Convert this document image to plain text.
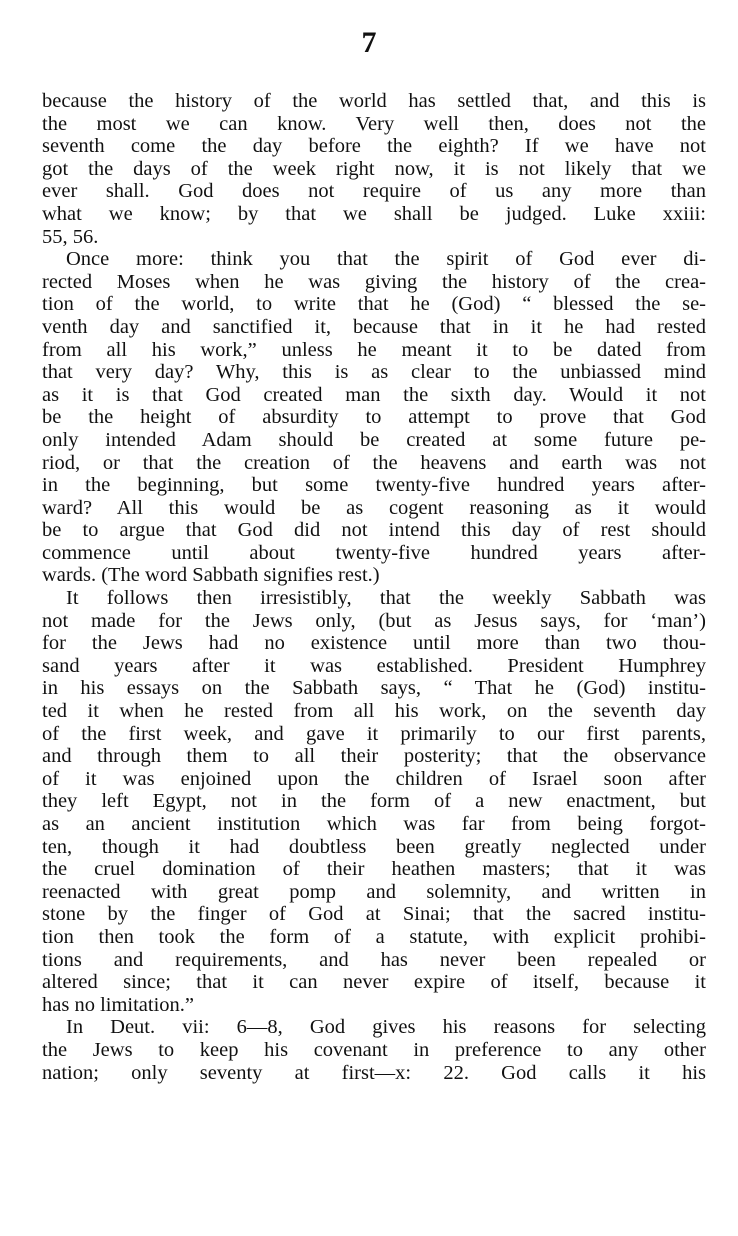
7
because the history of the world has settled that, and this is
the most we can know. Very well then, does not the
seventh come the day before the eighth? If we have not
got the days of the week right now, it is not likely that we
ever shall. God does not require of us any more than
what we know; by that we shall be judged. Luke xxiii:
55, 56.
Once more: think you that the spirit of God ever di-
rected Moses when he was giving the history of the crea-
tion of the world, to write that he (God) “ blessed the se-
venth day and sanctified it, because that in it he had rested
from all his work,” unless he meant it to be dated from
that very day? Why, this is as clear to the unbiassed mind
as it is that God created man the sixth day. Would it not
be the height of absurdity to attempt to prove that God
only intended Adam should be created at some future pe-
riod, or that the creation of the heavens and earth was not
in the beginning, but some twenty-five hundred years after-
ward? All this would be as cogent reasoning as it would
be to argue that God did not intend this day of rest should
commence until about twenty-five hundred years after-
wards. (The word Sabbath signifies rest.)
It follows then irresistibly, that the weekly Sabbath was
not made for the Jews only, (but as Jesus says, for ‘man’)
for the Jews had no existence until more than two thou-
sand years after it was established. President Humphrey
in his essays on the Sabbath says, “ That he (God) institu-
ted it when he rested from all his work, on the seventh day
of the first week, and gave it primarily to our first parents,
and through them to all their posterity; that the observance
of it was enjoined upon the children of Israel soon after
they left Egypt, not in the form of a new enactment, but
as an ancient institution which was far from being forgot-
ten, though it had doubtless been greatly neglected under
the cruel domination of their heathen masters; that it was
reenacted with great pomp and solemnity, and written in
stone by the finger of God at Sinai; that the sacred institu-
tion then took the form of a statute, with explicit prohibi-
tions and requirements, and has never been repealed or
altered since; that it can never expire of itself, because it
has no limitation.”
In Deut. vii: 6—8, God gives his reasons for selecting
the Jews to keep his covenant in preference to any other
nation; only seventy at first—x: 22. God calls it his
